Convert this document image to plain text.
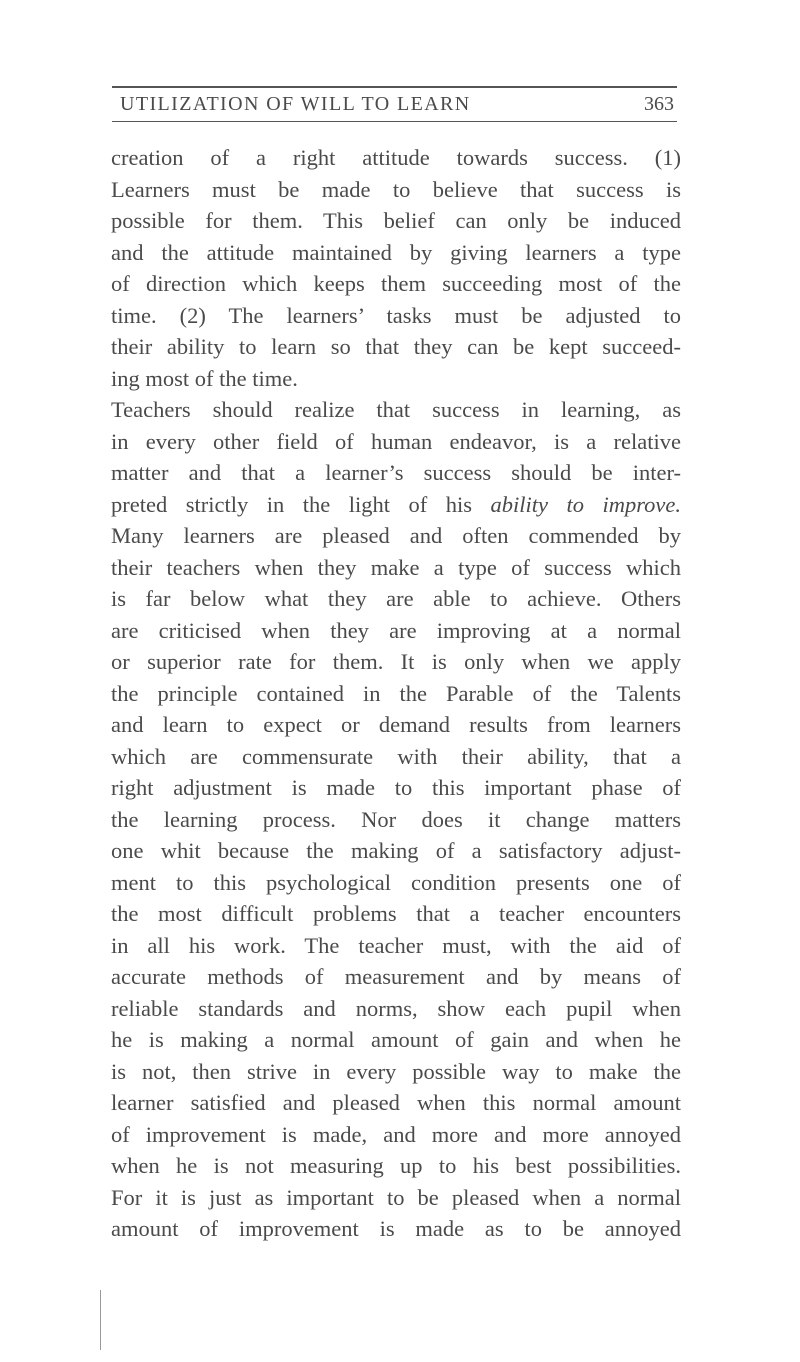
UTILIZATION OF WILL TO LEARN	363
creation of a right attitude towards success. (1)
Learners must be made to believe that success is
possible for them. This belief can only be induced
and the attitude maintained by giving learners a type
of direction which keeps them succeeding most of the
time. (2) The learners’ tasks must be adjusted to
their ability to learn so that they can be kept succeed-
ing most of the time.
Teachers should realize that success in learning, as
in every other field of human endeavor, is a relative
matter and that a learner’s success should be inter-
preted strictly in the light of his ability to improve.
Many learners are pleased and often commended by
their teachers when they make a type of success which
is far below what they are able to achieve. Others
are criticised when they are improving at a normal
or superior rate for them. It is only when we apply
the principle contained in the Parable of the Talents
and learn to expect or demand results from learners
which are commensurate with their ability, that a
right adjustment is made to this important phase of
the learning process. Nor does it change matters
one whit because the making of a satisfactory adjust-
ment to this psychological condition presents one of
the most difficult problems that a teacher encounters
in all his work. The teacher must, with the aid of
accurate methods of measurement and by means of
reliable standards and norms, show each pupil when
he is making a normal amount of gain and when he
is not, then strive in every possible way to make the
learner satisfied and pleased when this normal amount
of improvement is made, and more and more annoyed
when he is not measuring up to his best possibilities.
For it is just as important to be pleased when a normal
amount of improvement is made as to be annoyed
